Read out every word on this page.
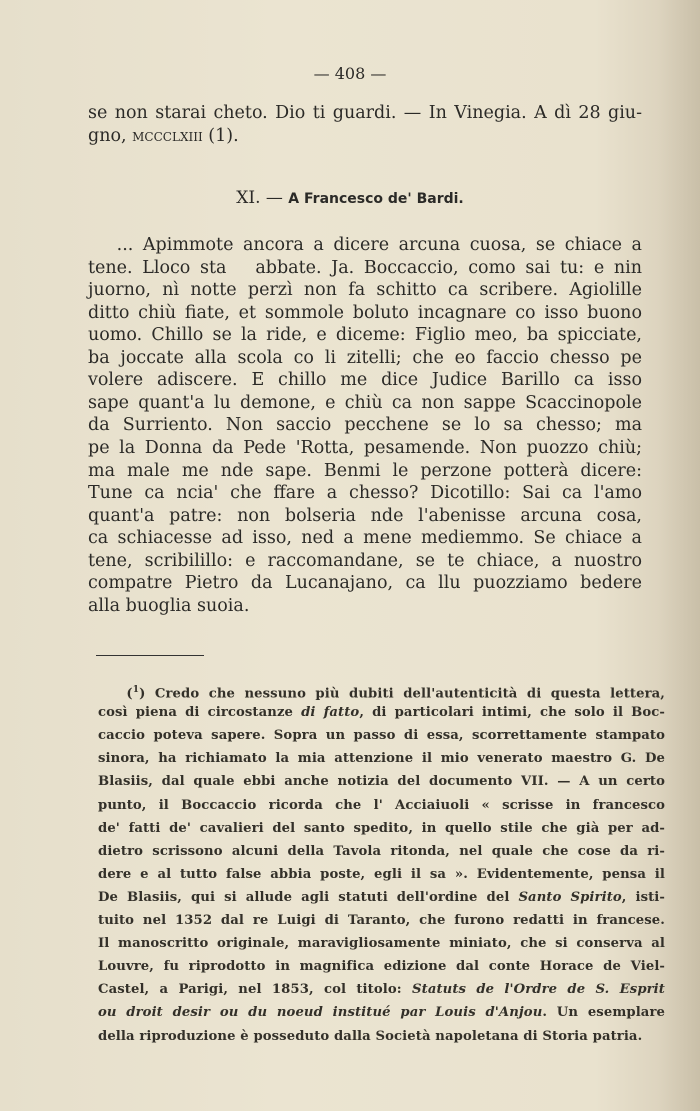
— 408 —
se non starai cheto. Dio ti guardi. — In Vinegia. A dì 28 giu-
gno, mccclxiii (1).
XI. — A Francesco de' Bardi.
... Apimmote ancora a dicere arcuna cuosa, se chiace a
tene. Lloco sta   abbate. Ja. Boccaccio, como sai tu: e nin
juorno, nì notte perzì non fa schitto ca scribere. Agiolille
ditto chiù fiate, et sommole boluto incagnare co isso buono
uomo. Chillo se la ride, e diceme: Figlio meo, ba spicciate,
ba joccate alla scola co li zitelli; che eo faccio chesso pe
volere adiscere. E chillo me dice Judice Barillo ca isso
sape quant'a lu demone, e chiù ca non sappe Scaccinopole
da Surriento. Non saccio pecchene se lo sa chesso; ma
pe la Donna da Pede 'Rotta, pesamende. Non puozzo chiù;
ma male me nde sape. Benmi le perzone potterà dicere:
Tune ca ncia' che ffare a chesso? Dicotillo: Sai ca l'amo
quant'a patre: non bolseria nde l'abenisse arcuna cosa,
ca schiacesse ad isso, ned a mene mediemmo. Se chiace a
tene, scribilillo: e raccomandane, se te chiace, a nuostro
compatre Pietro da Lucanajano, ca llu puozziamo bedere
alla buoglia suoia.
($^1$) Credo che nessuno più dubiti dell'autenticità di questa lettera,
così piena di circostanze di fatto, di particolari intimi, che solo il Boc-
caccio poteva sapere. Sopra un passo di essa, scorrettamente stampato
sinora, ha richiamato la mia attenzione il mio venerato maestro G. De
Blasiis, dal quale ebbi anche notizia del documento VII. — A un certo
punto, il Boccaccio ricorda che l' Acciaiuoli « scrisse in francesco
de' fatti de' cavalieri del santo spedito, in quello stile che già per ad-
dietro scrissono alcuni della Tavola ritonda, nel quale che cose da ri-
dere e al tutto false abbia poste, egli il sa ». Evidentemente, pensa il
De Blasiis, qui si allude agli statuti dell'ordine del Santo Spirito, isti-
tuito nel 1352 dal re Luigi di Taranto, che furono redatti in francese.
Il manoscritto originale, maravigliosamente miniato, che si conserva al
Louvre, fu riprodotto in magnifica edizione dal conte Horace de Viel-
Castel, a Parigi, nel 1853, col titolo: Statuts de l'Ordre de S. Esprit
ou droit desir ou du noeud institué par Louis d'Anjou. Un esemplare
della riproduzione è posseduto dalla Società napoletana di Storia patria.
